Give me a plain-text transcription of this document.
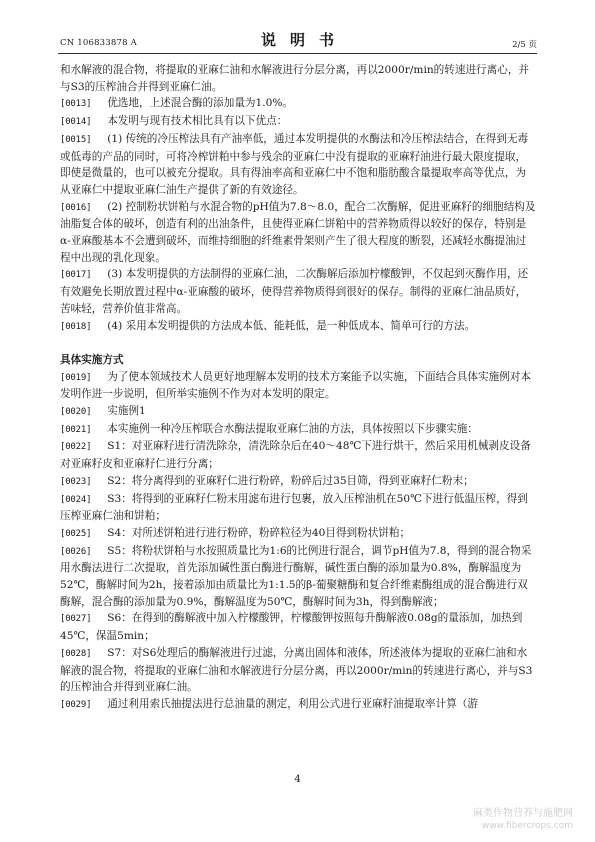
CN 106833878 A	说明书	2/5 页

和水解液的混合物，将提取的亚麻仁油和水解液进行分层分离，再以2000r/min的转速进行离心，并与S3的压榨油合并得到亚麻仁油。

[0013]　  优选地，上述混合酶的添加量为1.0%。

[0014]　  本发明与现有技术相比具有以下优点：

[0015]　  (1) 传统的冷压榨法具有产油率低，通过本发明提供的水酶法和冷压榨法结合，在得到无毒或低毒的产品的同时，可将冷榨饼粕中参与残余的亚麻仁中没有提取的亚麻籽油进行最大限度提取，即使是微量的，也可以被充分提取。具有得油率高和亚麻仁中不饱和脂肪酸含量提取率高等优点，为从亚麻仁中提取亚麻仁油生产提供了新的有效途径。

[0016]　  (2) 控制粉状饼粕与水混合物的pH值为7.8～8.0，配合二次酶解，促进亚麻籽的细胞结构及油脂复合体的破坏，创造有利的出油条件，且使得亚麻仁饼粕中的营养物质得以较好的保存，特别是α-亚麻酸基本不会遭到破坏，而维持细胞的纤维素骨架则产生了很大程度的断裂，还减轻水酶提油过程中出现的乳化现象。

[0017]　  (3) 本发明提供的方法制得的亚麻仁油，二次酶解后添加柠檬酸钾，不仅起到灭酶作用，还有效避免长期放置过程中α-亚麻酸的破坏，使得营养物质得到很好的保存。制得的亚麻仁油品质好，苦味轻，营养价值非常高。

[0018]　  (4) 采用本发明提供的方法成本低、能耗低，是一种低成本、简单可行的方法。

具体实施方式

[0019]　  为了使本领域技术人员更好地理解本发明的技术方案能予以实施，下面结合具体实施例对本发明作进一步说明，但所举实施例不作为对本发明的限定。

[0020]　  实施例1

[0021]　  本实施例一种冷压榨联合水酶法提取亚麻仁油的方法，具体按照以下步骤实施：

[0022]　  S1：对亚麻籽进行清洗除杂，清洗除杂后在40～48℃下进行烘干，然后采用机械剥皮设备对亚麻籽皮和亚麻籽仁进行分离；

[0023]　  S2：将分离得到的亚麻籽仁进行粉碎，粉碎后过35目筛，得到亚麻籽仁粉末；

[0024]　  S3：将得到的亚麻籽仁粉末用滤布进行包裹，放入压榨油机在50℃下进行低温压榨，得到压榨亚麻仁油和饼粕；

[0025]　  S4：对所述饼粕进行进行粉碎，粉碎粒径为40目得到粉状饼粕；

[0026]　  S5：将粉状饼粕与水按照质量比为1:6的比例进行混合，调节pH值为7.8，得到的混合物采用水酶法进行二次提取，首先添加碱性蛋白酶进行酶解，碱性蛋白酶的添加量为0.8%，酶解温度为52℃，酶解时间为2h，接着添加由质量比为1:1.5的β-葡聚糖酶和复合纤维素酶组成的混合酶进行双酶解，混合酶的添加量为0.9%，酶解温度为50℃，酶解时间为3h，得到酶解液；

[0027]　  S6：在得到的酶解液中加入柠檬酸钾，柠檬酸钾按照每升酶解液0.08g的量添加，加热到45℃，保温5min；

[0028]　  S7：对S6处理后的酶解液进行过滤，分离出固体和液体，所述液体为提取的亚麻仁油和水解液的混合物，将提取的亚麻仁油和水解液进行分层分离，再以2000r/min的转速进行离心，并与S3的压榨油合并得到亚麻仁油。

[0029]　  通过利用索氏抽提法进行总油量的测定，利用公式进行亚麻籽油提取率计算（游

4
麻类作物营养与施肥网
www.fibercrops.com
